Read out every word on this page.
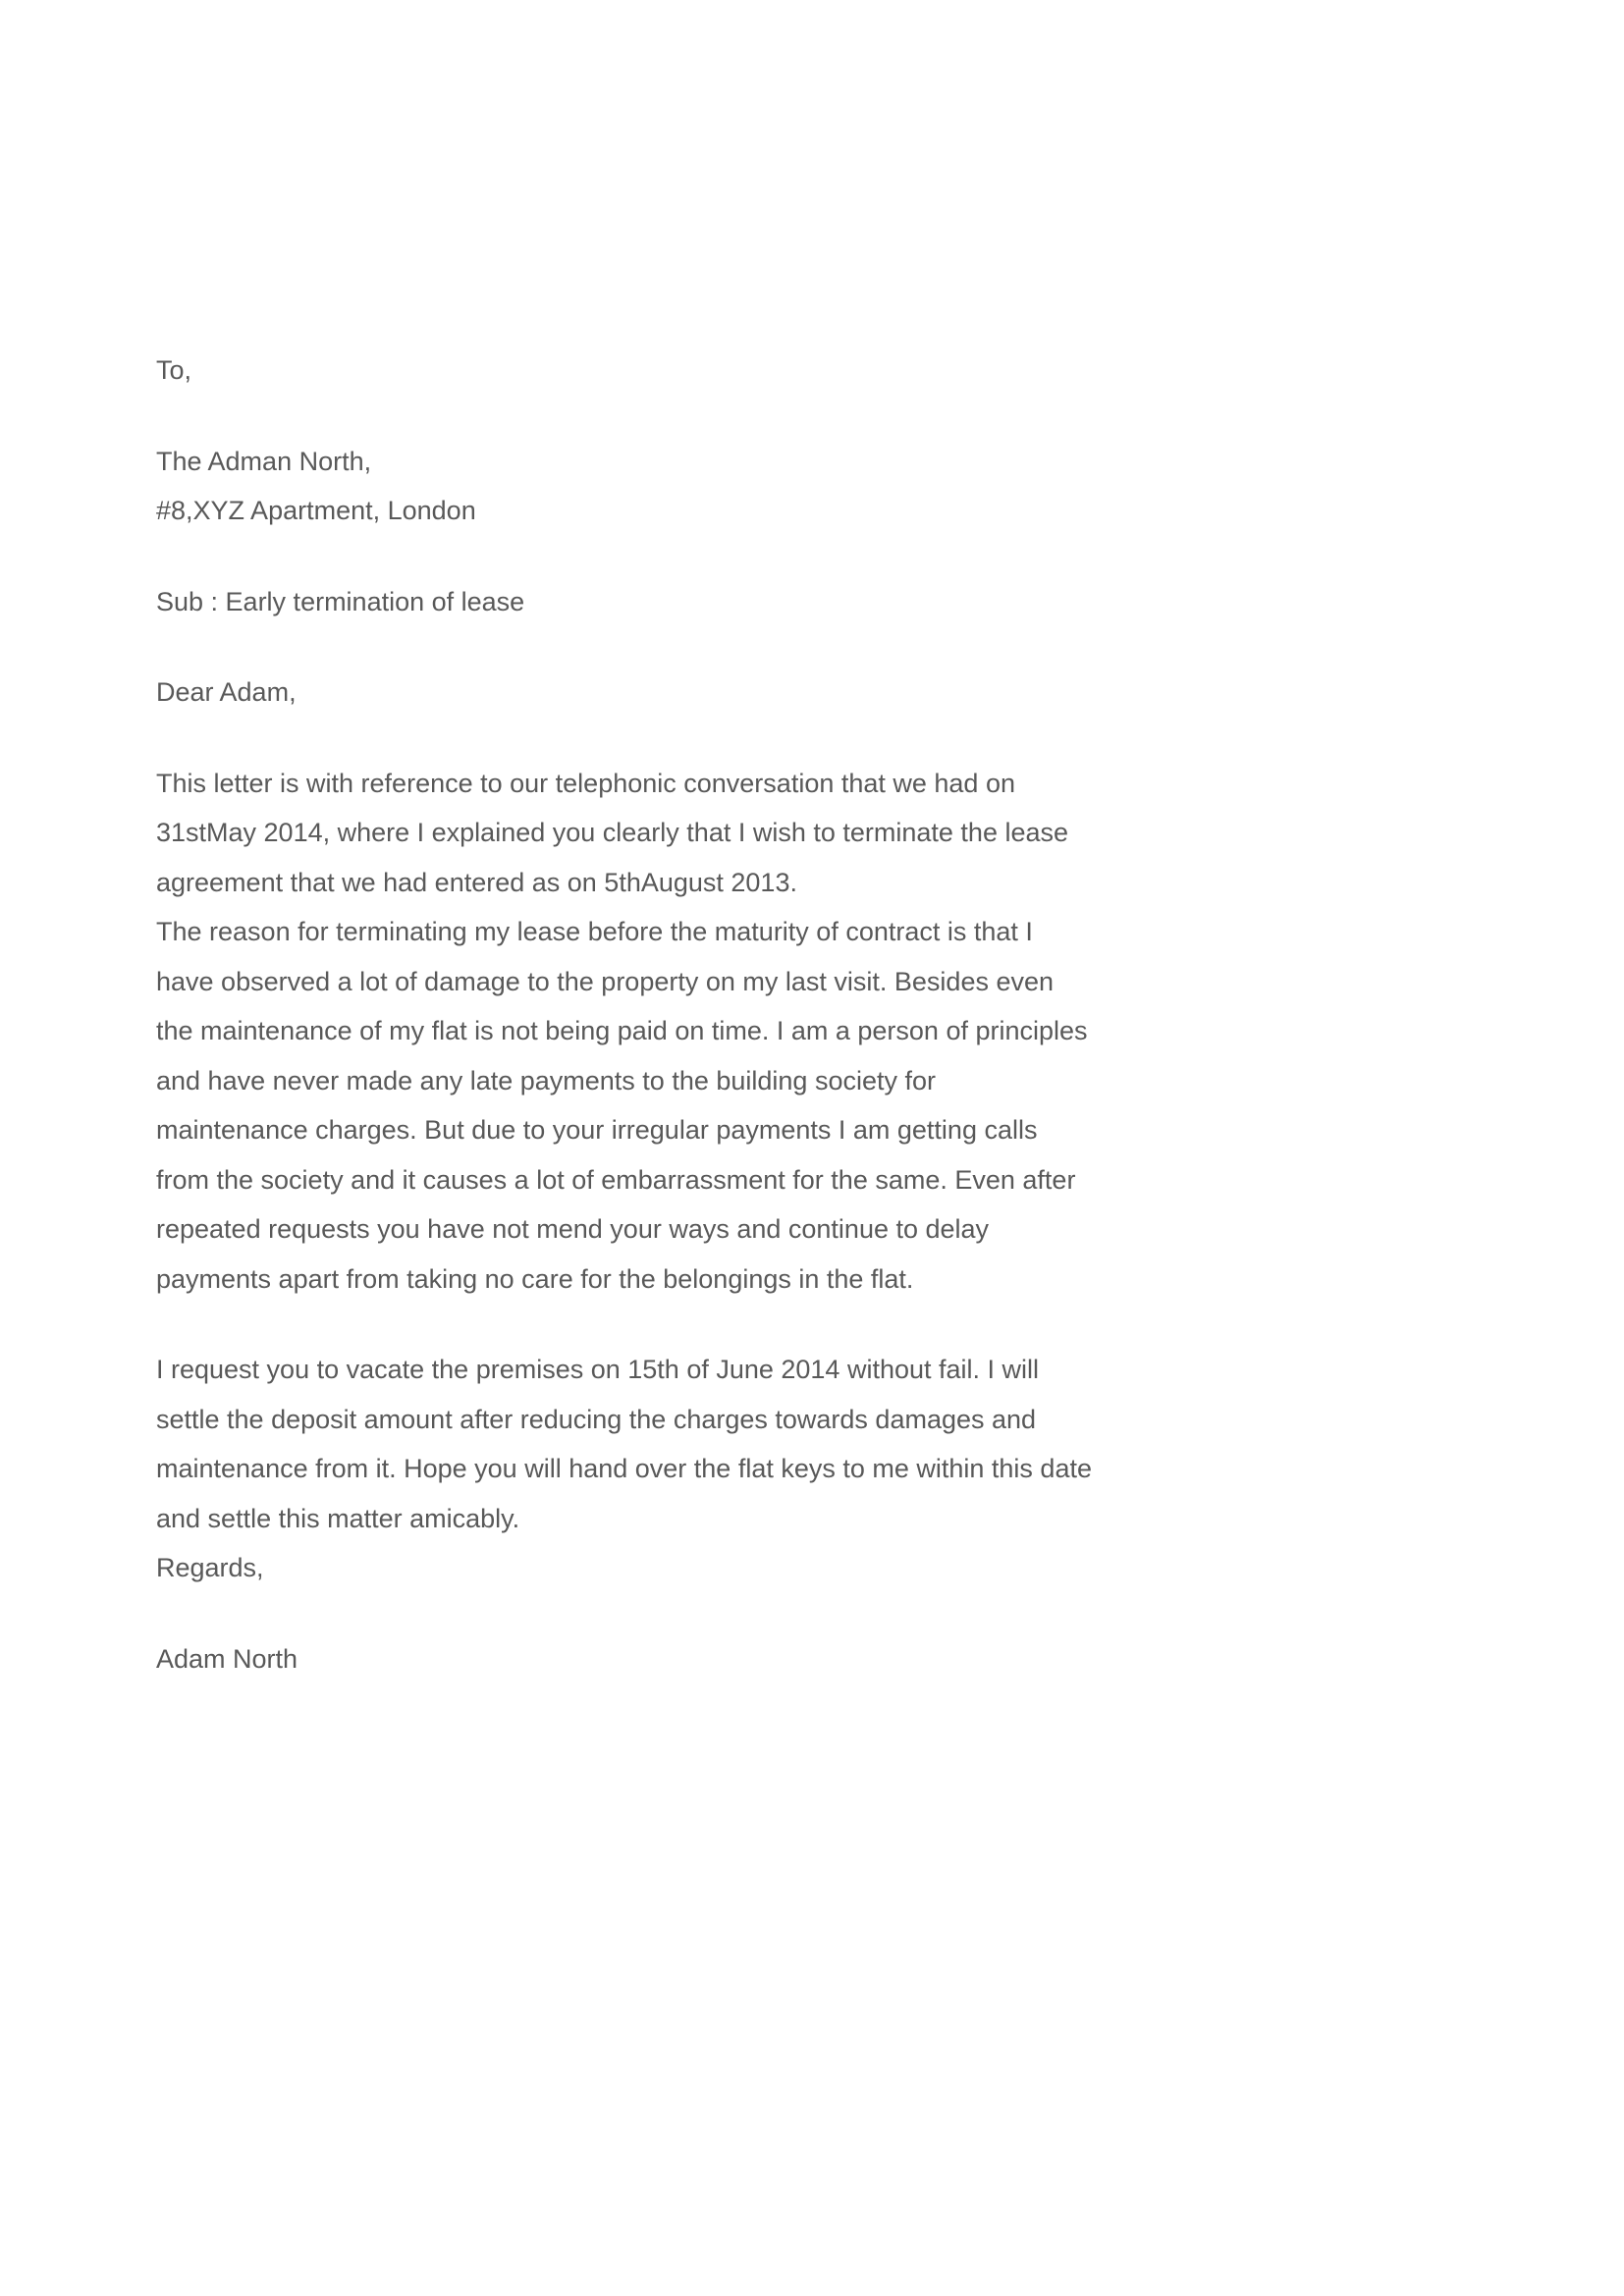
To,
The Adman North,
#8,XYZ Apartment, London
Sub : Early termination of lease
Dear Adam,
This letter is with reference to our telephonic conversation that we had on
31stMay 2014, where I explained you clearly that I wish to terminate the lease
agreement that we had entered as on 5thAugust 2013.
The reason for terminating my lease before the maturity of contract is that I
have observed a lot of damage to the property on my last visit. Besides even
the maintenance of my flat is not being paid on time. I am a person of principles
and have never made any late payments to the building society for
maintenance charges. But due to your irregular payments I am getting calls
from the society and it causes a lot of embarrassment for the same. Even after
repeated requests you have not mend your ways and continue to delay
payments apart from taking no care for the belongings in the flat.
I request you to vacate the premises on 15th of June 2014 without fail. I will
settle the deposit amount after reducing the charges towards damages and
maintenance from it. Hope you will hand over the flat keys to me within this date
and settle this matter amicably.
Regards,
Adam North
